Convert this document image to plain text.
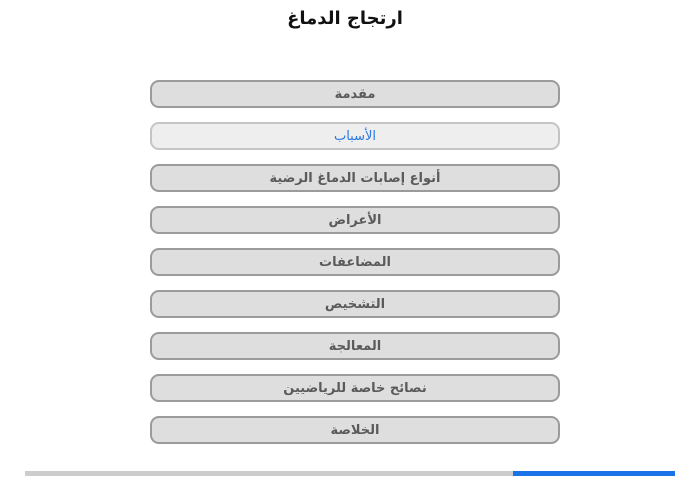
ارتجاج الدماغ
مقدمة
الأسباب
أنواع إصابات الدماغ الرضية
الأعراض
المضاعفات
التشخيص
المعالجة
نصائح خاصة للرياضيين
الخلاصة
